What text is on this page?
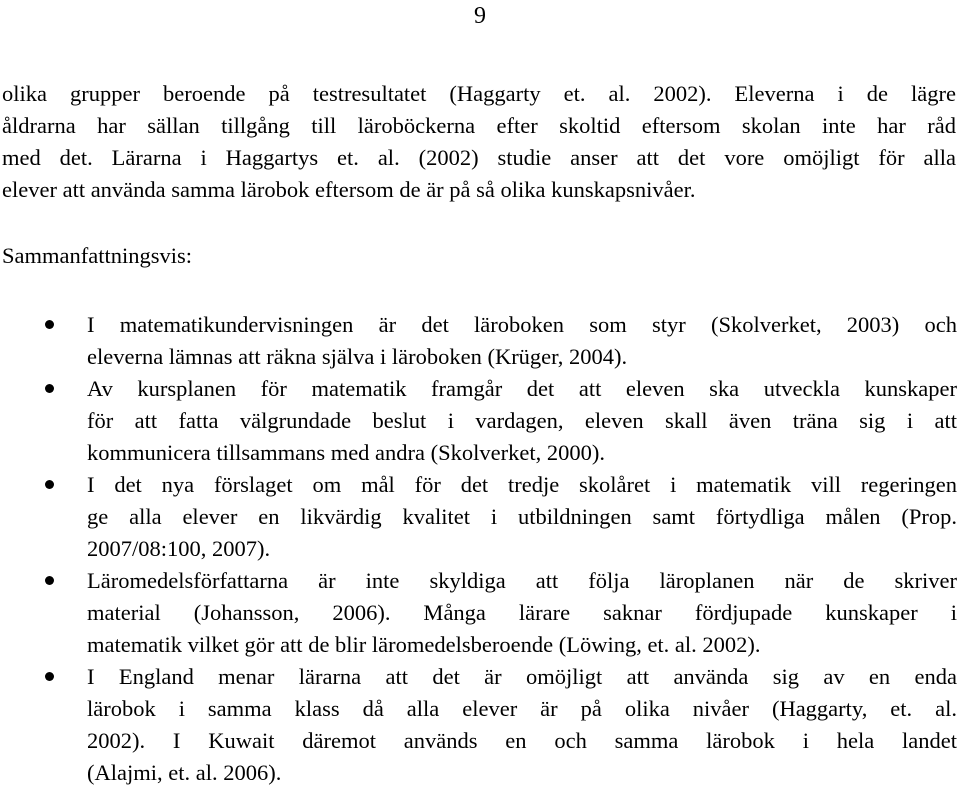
9
olika grupper beroende på testresultatet (Haggarty et. al. 2002). Eleverna i de lägre
åldrarna har sällan tillgång till läroböckerna efter skoltid eftersom skolan inte har råd
med det. Lärarna i Haggartys et. al. (2002) studie anser att det vore omöjligt för alla
elever att använda samma lärobok eftersom de är på så olika kunskapsnivåer.

Sammanfattningsvis:

I matematikundervisningen är det läroboken som styr (Skolverket, 2003) och
eleverna lämnas att räkna själva i läroboken (Krüger, 2004).
Av kursplanen för matematik framgår det att eleven ska utveckla kunskaper
för att fatta välgrundade beslut i vardagen, eleven skall även träna sig i att
kommunicera tillsammans med andra (Skolverket, 2000).
I det nya förslaget om mål för det tredje skolåret i matematik vill regeringen
ge alla elever en likvärdig kvalitet i utbildningen samt förtydliga målen (Prop.
2007/08:100, 2007).
Läromedelsförfattarna är inte skyldiga att följa läroplanen när de skriver
material (Johansson, 2006). Många lärare saknar fördjupade kunskaper i
matematik vilket gör att de blir läromedelsberoende (Löwing, et. al. 2002).
I England menar lärarna att det är omöjligt att använda sig av en enda
lärobok i samma klass då alla elever är på olika nivåer (Haggarty, et. al.
2002). I Kuwait däremot används en och samma lärobok i hela landet
(Alajmi, et. al. 2006).
